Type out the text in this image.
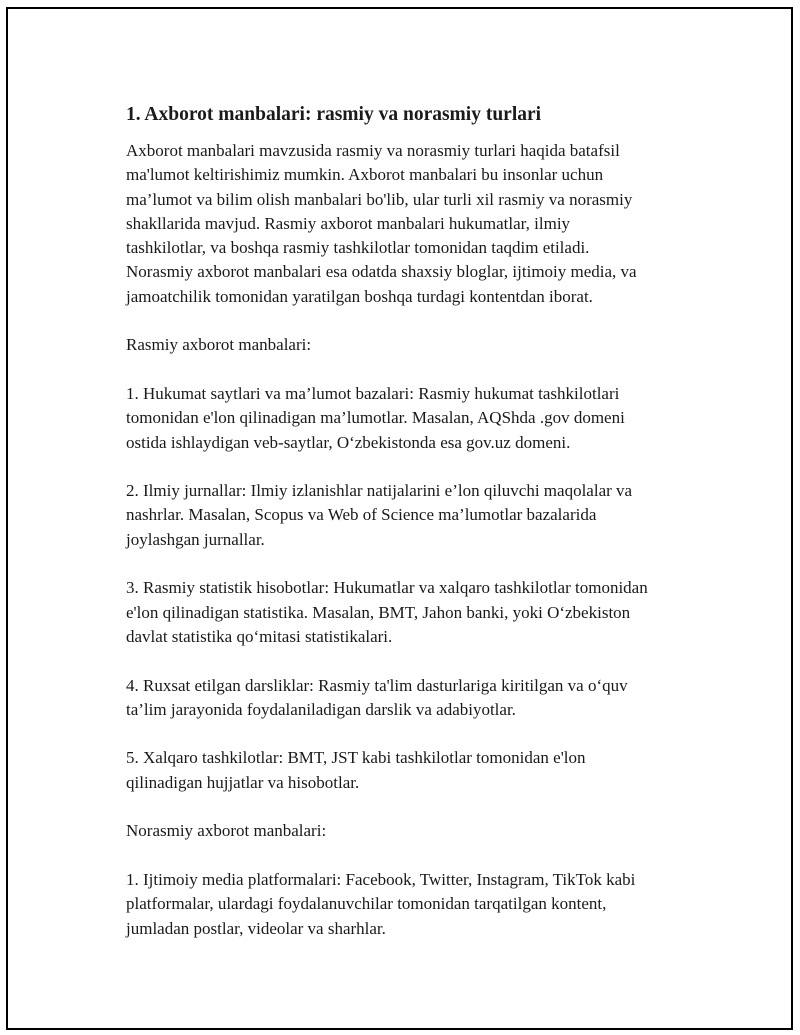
1. Axborot manbalari: rasmiy va norasmiy turlari
Axborot manbalari mavzusida rasmiy va norasmiy turlari haqida batafsil
ma'lumot keltirishimiz mumkin. Axborot manbalari bu insonlar uchun
ma’lumot va bilim olish manbalari bo'lib, ular turli xil rasmiy va norasmiy
shakllarida mavjud. Rasmiy axborot manbalari hukumatlar, ilmiy
tashkilotlar, va boshqa rasmiy tashkilotlar tomonidan taqdim etiladi.
Norasmiy axborot manbalari esa odatda shaxsiy bloglar, ijtimoiy media, va
jamoatchilik tomonidan yaratilgan boshqa turdagi kontentdan iborat.
Rasmiy axborot manbalari:
1. Hukumat saytlari va ma’lumot bazalari: Rasmiy hukumat tashkilotlari
tomonidan e'lon qilinadigan ma’lumotlar. Masalan, AQShda .gov domeni
ostida ishlaydigan veb-saytlar, O‘zbekistonda esa gov.uz domeni.
2. Ilmiy jurnallar: Ilmiy izlanishlar natijalarini e’lon qiluvchi maqolalar va
nashrlar. Masalan, Scopus va Web of Science ma’lumotlar bazalarida
joylashgan jurnallar.
3. Rasmiy statistik hisobotlar: Hukumatlar va xalqaro tashkilotlar tomonidan
e'lon qilinadigan statistika. Masalan, BMT, Jahon banki, yoki O‘zbekiston
davlat statistika qo‘mitasi statistikalari.
4. Ruxsat etilgan darsliklar: Rasmiy ta'lim dasturlariga kiritilgan va o‘quv
ta’lim jarayonida foydalaniladigan darslik va adabiyotlar.
5. Xalqaro tashkilotlar: BMT, JST kabi tashkilotlar tomonidan e'lon
qilinadigan hujjatlar va hisobotlar.
Norasmiy axborot manbalari:
1. Ijtimoiy media platformalari: Facebook, Twitter, Instagram, TikTok kabi
platformalar, ulardagi foydalanuvchilar tomonidan tarqatilgan kontent,
jumladan postlar, videolar va sharhlar.
